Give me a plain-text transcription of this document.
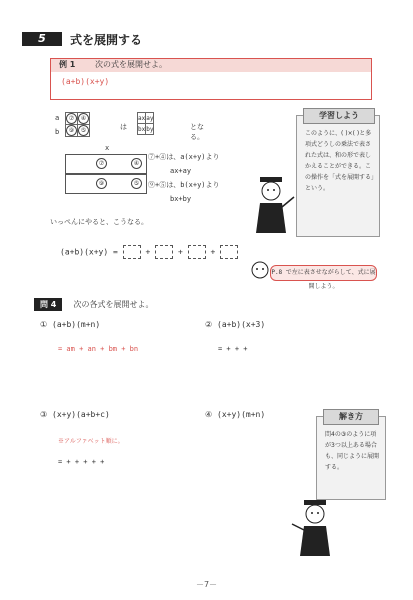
5	式を展開する
例 1 次の式を展開せよ。
(a+b)(x+y)
a
b
⑦	④
⑨	⑤	は
ax	ay
bx	by	となる。
⑦	④
⑨	⑤
x
⑦+④は、a(x+y)より
ax+ay
⑨+⑤は、b(x+y)より
bx+by
いっぺんにやると、こうなる。
(a+b)(x+y) =	+	+	+
学習しよう
このように、( )×( )と多項式どうしの乗法で表された式は、和の形で表しかえることができる。この操作を「式を展開する」という。
P.8 で左に表させながらして、式に展開しよう。
問 4 次の各式を展開せよ。
① (a+b)(m+n)
= am + an + bm + bn
② (a+b)(x+3)
= + + +
③ (x+y)(a+b+c)
※アルファベット順に。
= + + + + +
④ (x+y)(m+n)	解き方
問4の③のように項が3つ以上ある場合も、同じように展開する。
－7－
